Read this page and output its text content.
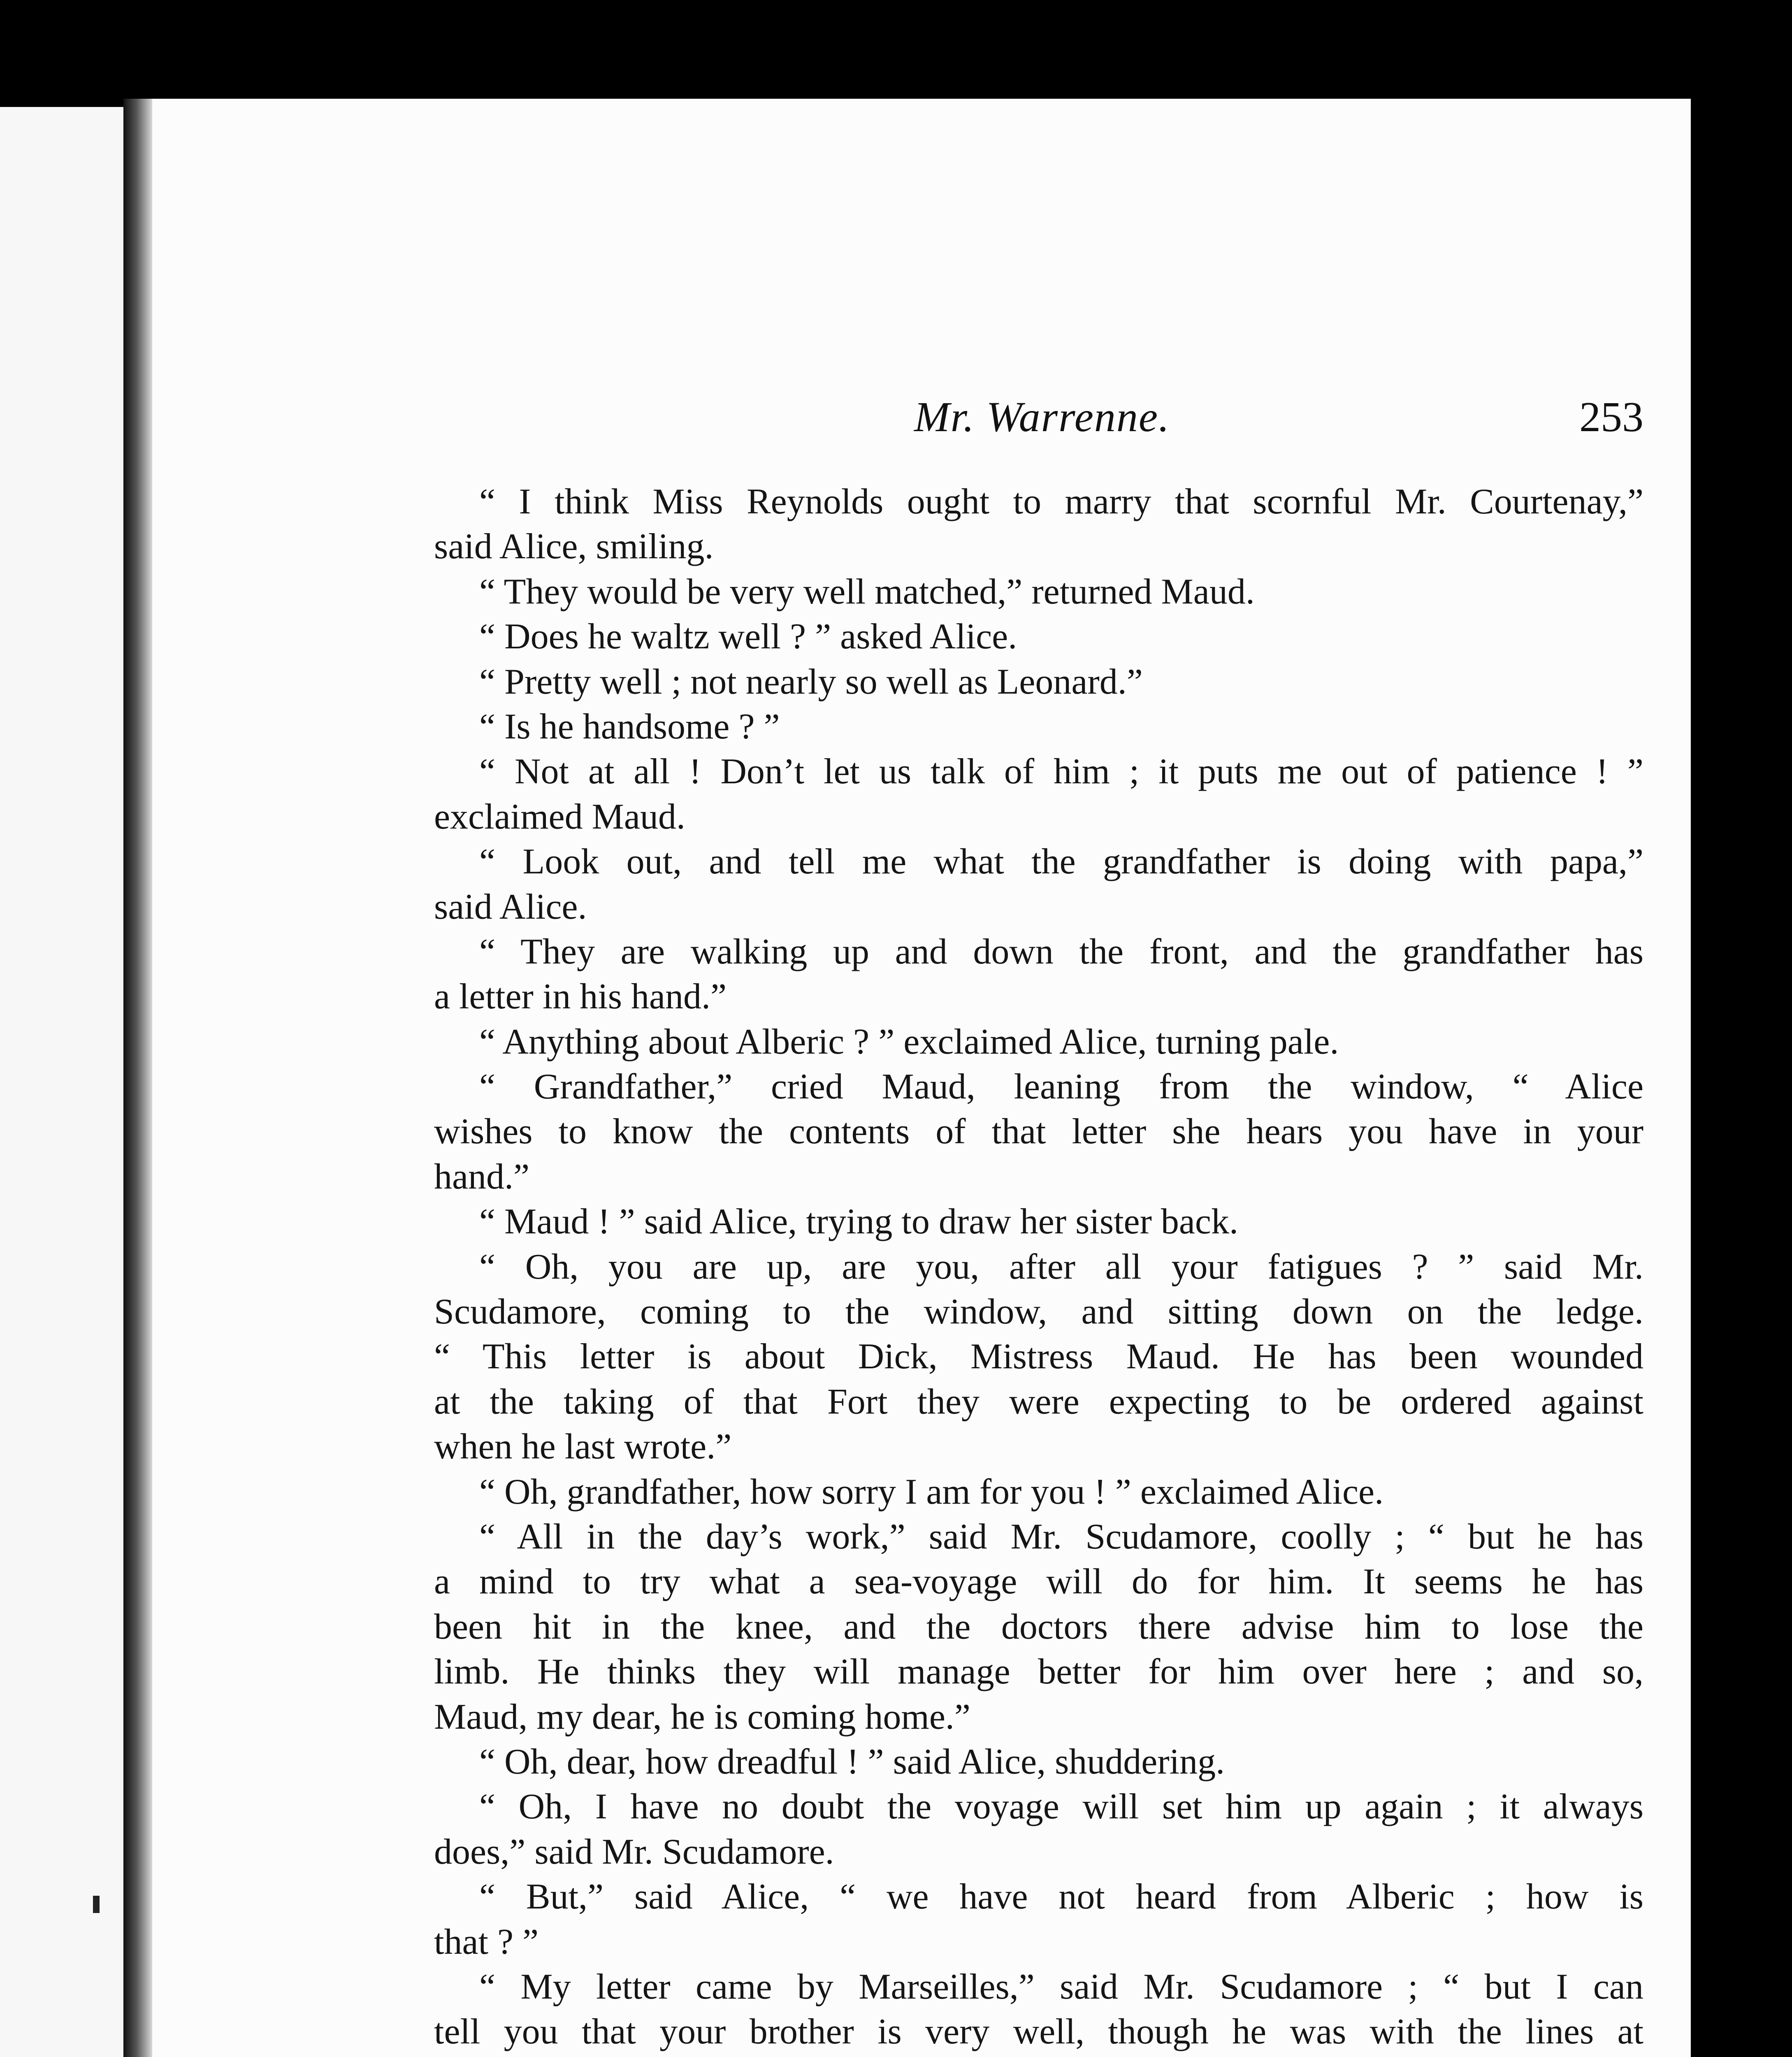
Mr. Warrenne.	253
“ I think Miss Reynolds ought to marry that scornful Mr. Courtenay,”
said Alice, smiling.
“ They would be very well matched,” returned Maud.
“ Does he waltz well ? ” asked Alice.
“ Pretty well ; not nearly so well as Leonard.”
“ Is he handsome ? ”
“ Not at all ! Don’t let us talk of him ; it puts me out of patience ! ”
exclaimed Maud.
“ Look out, and tell me what the grandfather is doing with papa,”
said Alice.
“ They are walking up and down the front, and the grandfather has
a letter in his hand.”
“ Anything about Alberic ? ” exclaimed Alice, turning pale.
“ Grandfather,” cried Maud, leaning from the window, “ Alice
wishes to know the contents of that letter she hears you have in your
hand.”
“ Maud ! ” said Alice, trying to draw her sister back.
“ Oh, you are up, are you, after all your fatigues ? ” said Mr.
Scudamore, coming to the window, and sitting down on the ledge.
“ This letter is about Dick, Mistress Maud. He has been wounded
at the taking of that Fort they were expecting to be ordered against
when he last wrote.”
“ Oh, grandfather, how sorry I am for you ! ” exclaimed Alice.
“ All in the day’s work,” said Mr. Scudamore, coolly ; “ but he has
a mind to try what a sea-voyage will do for him. It seems he has
been hit in the knee, and the doctors there advise him to lose the
limb. He thinks they will manage better for him over here ; and so,
Maud, my dear, he is coming home.”
“ Oh, dear, how dreadful ! ” said Alice, shuddering.
“ Oh, I have no doubt the voyage will set him up again ; it always
does,” said Mr. Scudamore.
“ But,” said Alice, “ we have not heard from Alberic ; how is
that ? ”
“ My letter came by Marseilles,” said Mr. Scudamore ; “ but I can
tell you that your brother is very well, though he was with the lines at
